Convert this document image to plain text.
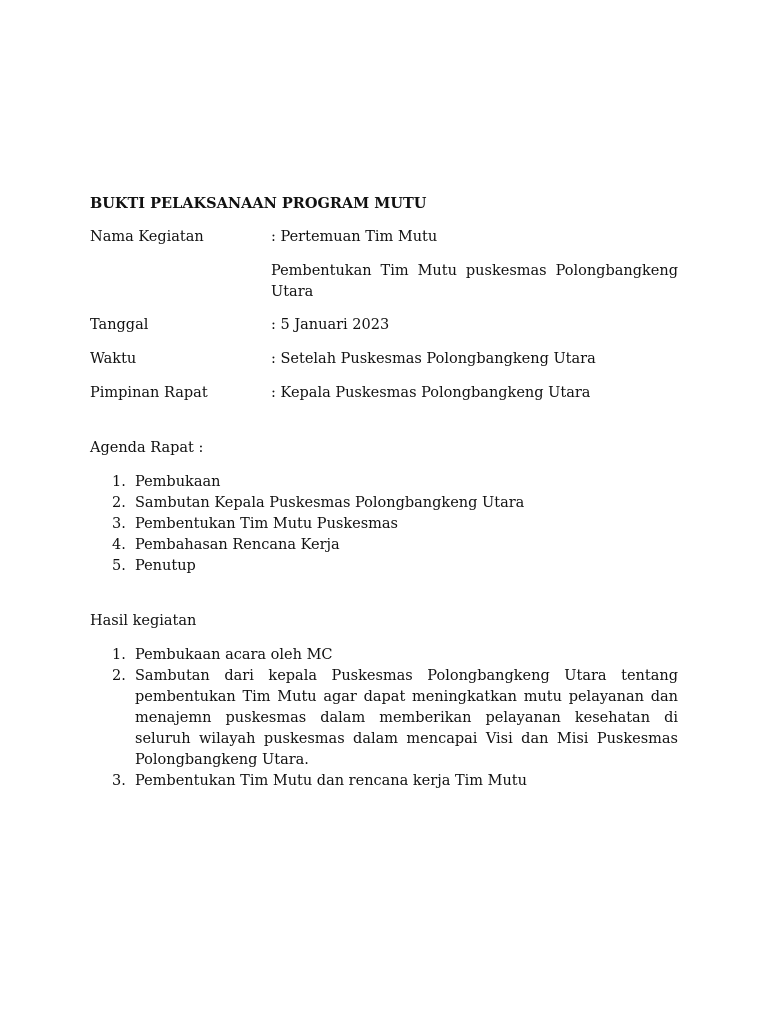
BUKTI PELAKSANAAN PROGRAM MUTU
Nama Kegiatan	: Pertemuan Tim Mutu
Pembentukan Tim Mutu puskesmas Polongbangkeng Utara
Tanggal	: 5 Januari 2023
Waktu	: Setelah Puskesmas Polongbangkeng Utara
Pimpinan Rapat	: Kepala Puskesmas Polongbangkeng Utara
Agenda Rapat :
1. Pembukaan
2. Sambutan Kepala Puskesmas Polongbangkeng Utara
3. Pembentukan Tim Mutu Puskesmas
4. Pembahasan Rencana Kerja
5. Penutup
Hasil kegiatan
1. Pembukaan acara oleh MC
2. Sambutan dari kepala Puskesmas Polongbangkeng Utara tentang pembentukan Tim Mutu agar dapat meningkatkan mutu pelayanan dan menajemn puskesmas dalam memberikan pelayanan kesehatan di seluruh wilayah puskesmas dalam mencapai Visi dan Misi Puskesmas Polongbangkeng Utara.
3. Pembentukan Tim Mutu dan rencana kerja Tim Mutu
